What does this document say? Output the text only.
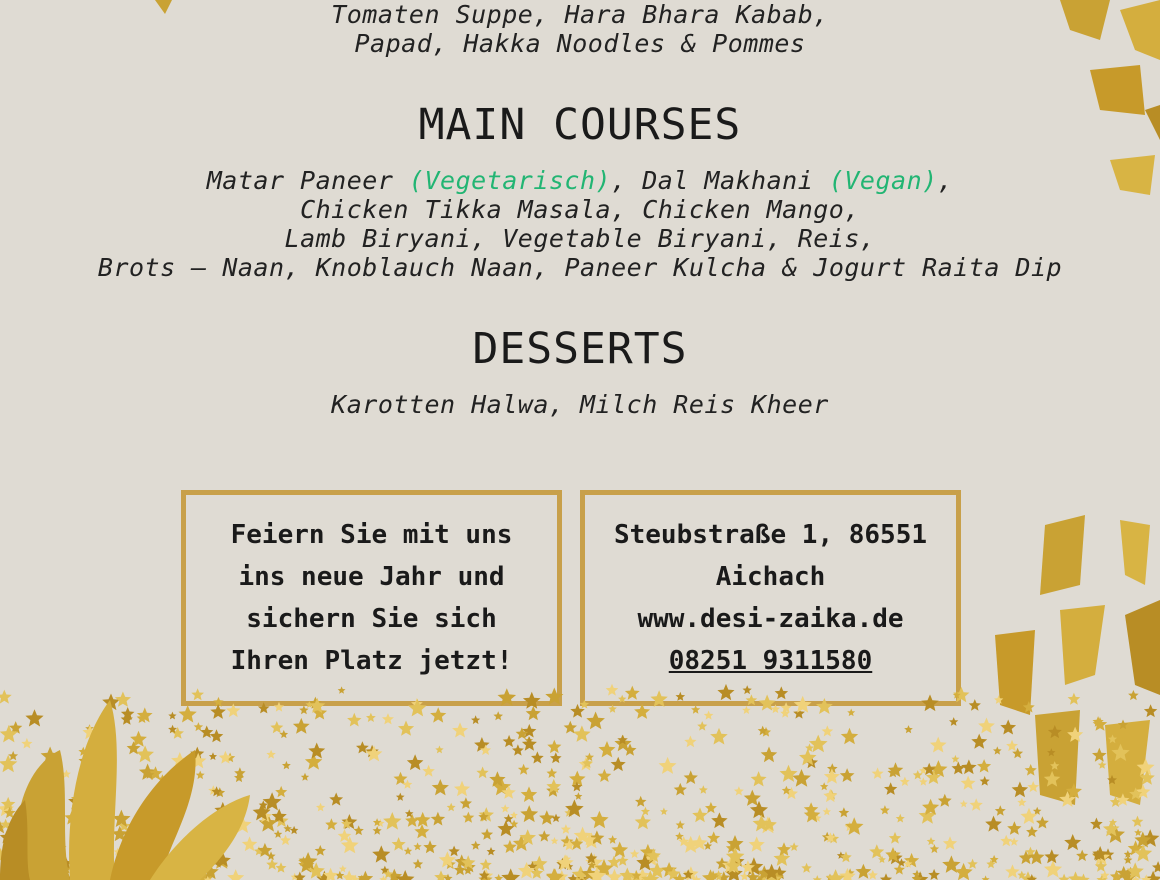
Tomaten Suppe, Hara Bhara Kabab,
Papad, Hakka Noodles & Pommes
MAIN COURSES
Matar Paneer (Vegetarisch), Dal Makhani (Vegan),
Chicken Tikka Masala, Chicken Mango,
Lamb Biryani, Vegetable Biryani, Reis,
Brots – Naan, Knoblauch Naan, Paneer Kulcha & Jogurt Raita Dip
DESSERTS
Karotten Halwa, Milch Reis Kheer
Feiern Sie mit uns
ins neue Jahr und
sichern Sie sich
Ihren Platz jetzt!
Steubstraße 1, 86551
Aichach
www.desi-zaika.de
08251 9311580
